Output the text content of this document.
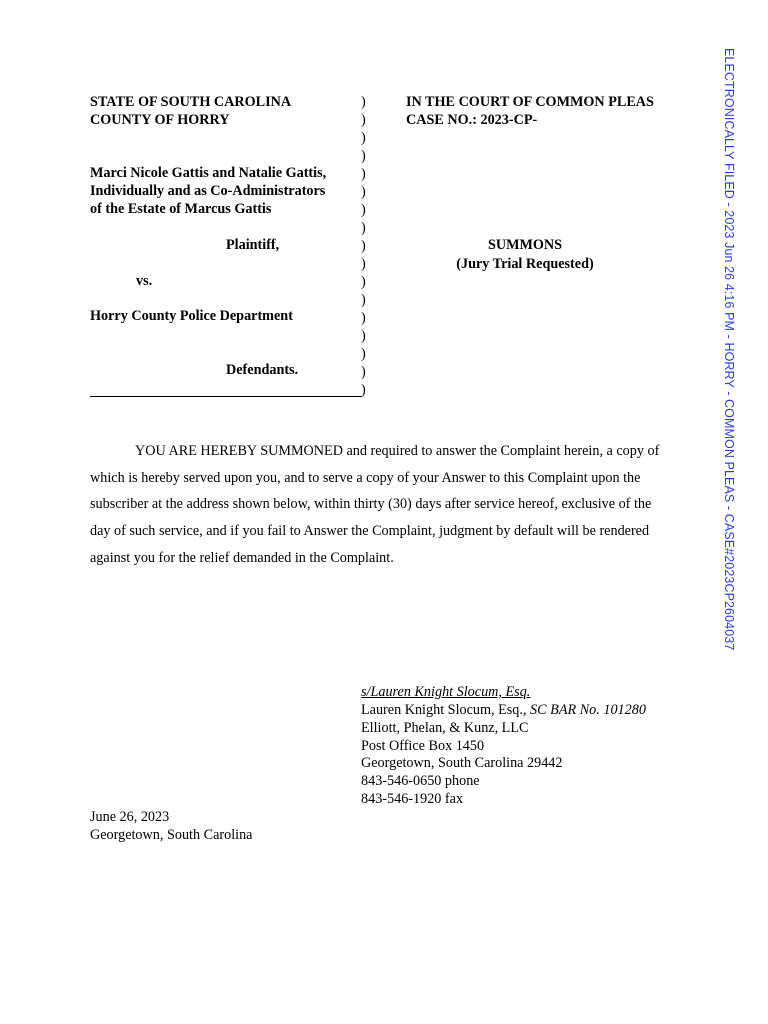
STATE OF SOUTH CAROLINA
COUNTY OF HORRY
Marci Nicole Gattis and Natalie Gattis,
Individually and as Co-Administrators
of the Estate of Marcus Gattis
Plaintiff,
vs.
Horry County Police Department
Defendants.
)
)
)
)
)
)
)
)
)
)
)
)
)
)
)
)
)
IN THE COURT OF COMMON PLEAS
CASE NO.: 2023-CP-
SUMMONS
(Jury Trial Requested)

YOU ARE HEREBY SUMMONED and required to answer the Complaint herein, a copy of which is hereby served upon you, and to serve a copy of your Answer to this Complaint upon the subscriber at the address shown below, within thirty (30) days after service hereof, exclusive of the day of such service, and if you fail to Answer the Complaint, judgment by default will be rendered against you for the relief demanded in the Complaint.

s/Lauren Knight Slocum, Esq.
Lauren Knight Slocum, Esq., SC BAR No. 101280
Elliott, Phelan, & Kunz, LLC
Post Office Box 1450
Georgetown, South Carolina 29442
843-546-0650 phone
843-546-1920 fax
June 26, 2023
Georgetown, South Carolina
ELECTRONICALLY FILED - 2023 Jun 26 4:16 PM - HORRY - COMMON PLEAS - CASE#2023CP2604037
